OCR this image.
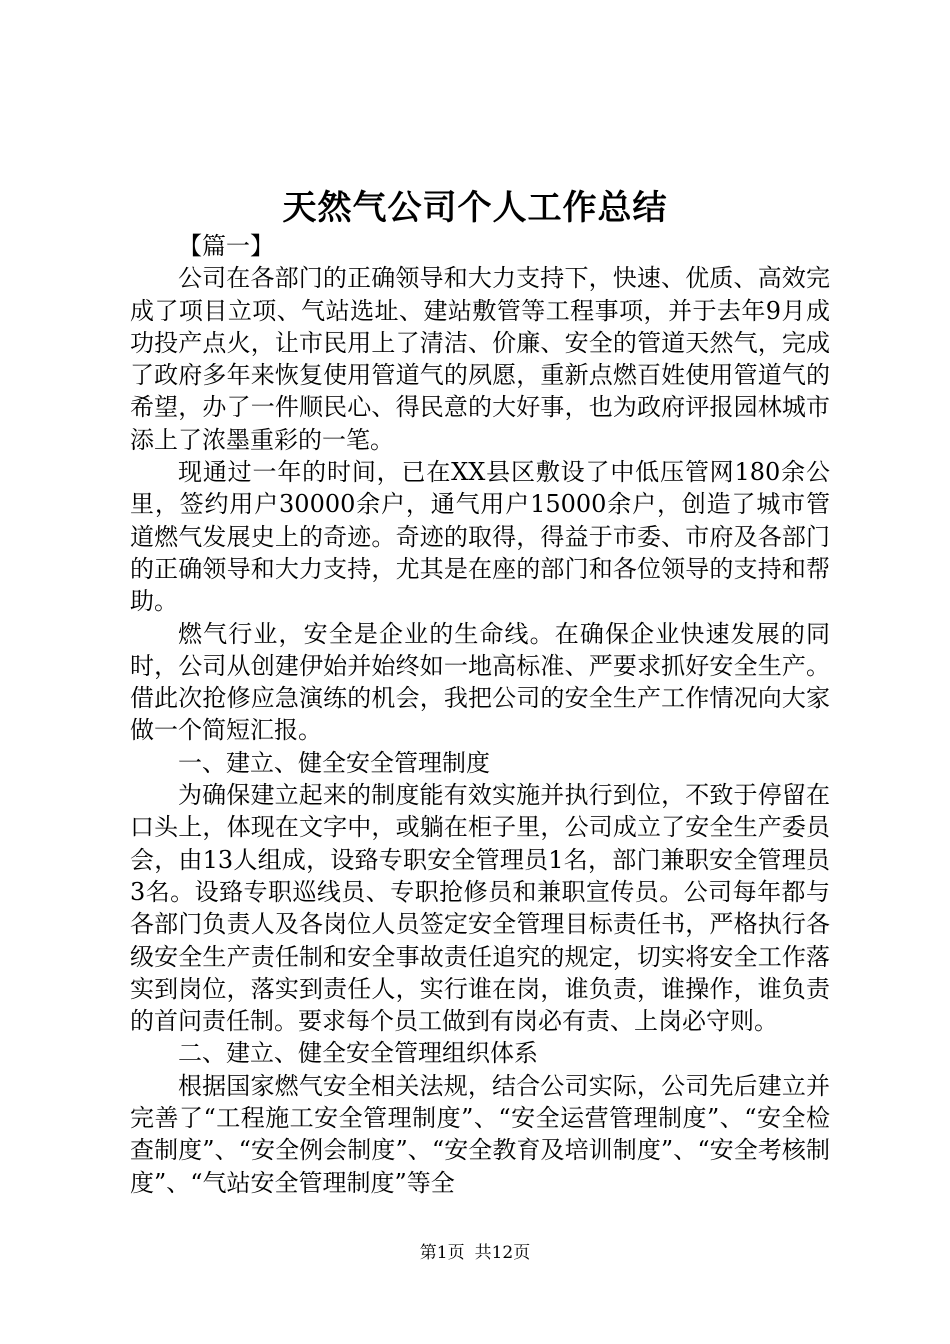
天然气公司个人工作总结

【篇一】

公司在各部门的正确领导和大力支持下，快速、优质、高效完成了项目立项、气站选址、建站敷管等工程事项，并于去年9月成功投产点火，让市民用上了清洁、价廉、安全的管道天然气，完成了政府多年来恢复使用管道气的夙愿，重新点燃百姓使用管道气的希望，办了一件顺民心、得民意的大好事，也为政府评报园林城市添上了浓墨重彩的一笔。

现通过一年的时间，已在XX县区敷设了中低压管网180余公里，签约用户30000余户，通气用户15000余户，创造了城市管道燃气发展史上的奇迹。奇迹的取得，得益于市委、市府及各部门的正确领导和大力支持，尤其是在座的部门和各位领导的支持和帮助。

燃气行业，安全是企业的生命线。在确保企业快速发展的同时，公司从创建伊始并始终如一地高标准、严要求抓好安全生产。借此次抢修应急演练的机会，我把公司的安全生产工作情况向大家做一个简短汇报。

一、建立、健全安全管理制度

为确保建立起来的制度能有效实施并执行到位，不致于停留在口头上，体现在文字中，或躺在柜子里，公司成立了安全生产委员会，由13人组成，设臵专职安全管理员1名，部门兼职安全管理员3名。设臵专职巡线员、专职抢修员和兼职宣传员。公司每年都与各部门负责人及各岗位人员签定安全管理目标责任书，严格执行各级安全生产责任制和安全事故责任追究的规定，切实将安全工作落实到岗位，落实到责任人，实行谁在岗，谁负责，谁操作，谁负责的首问责任制。要求每个员工做到有岗必有责、上岗必守则。

二、建立、健全安全管理组织体系

根据国家燃气安全相关法规，结合公司实际，公司先后建立并完善了“工程施工安全管理制度”、“安全运营管理制度”、“安全检查制度”、“安全例会制度”、“安全教育及培训制度”、“安全考核制度”、“气站安全管理制度”等全

第1页 共12页
